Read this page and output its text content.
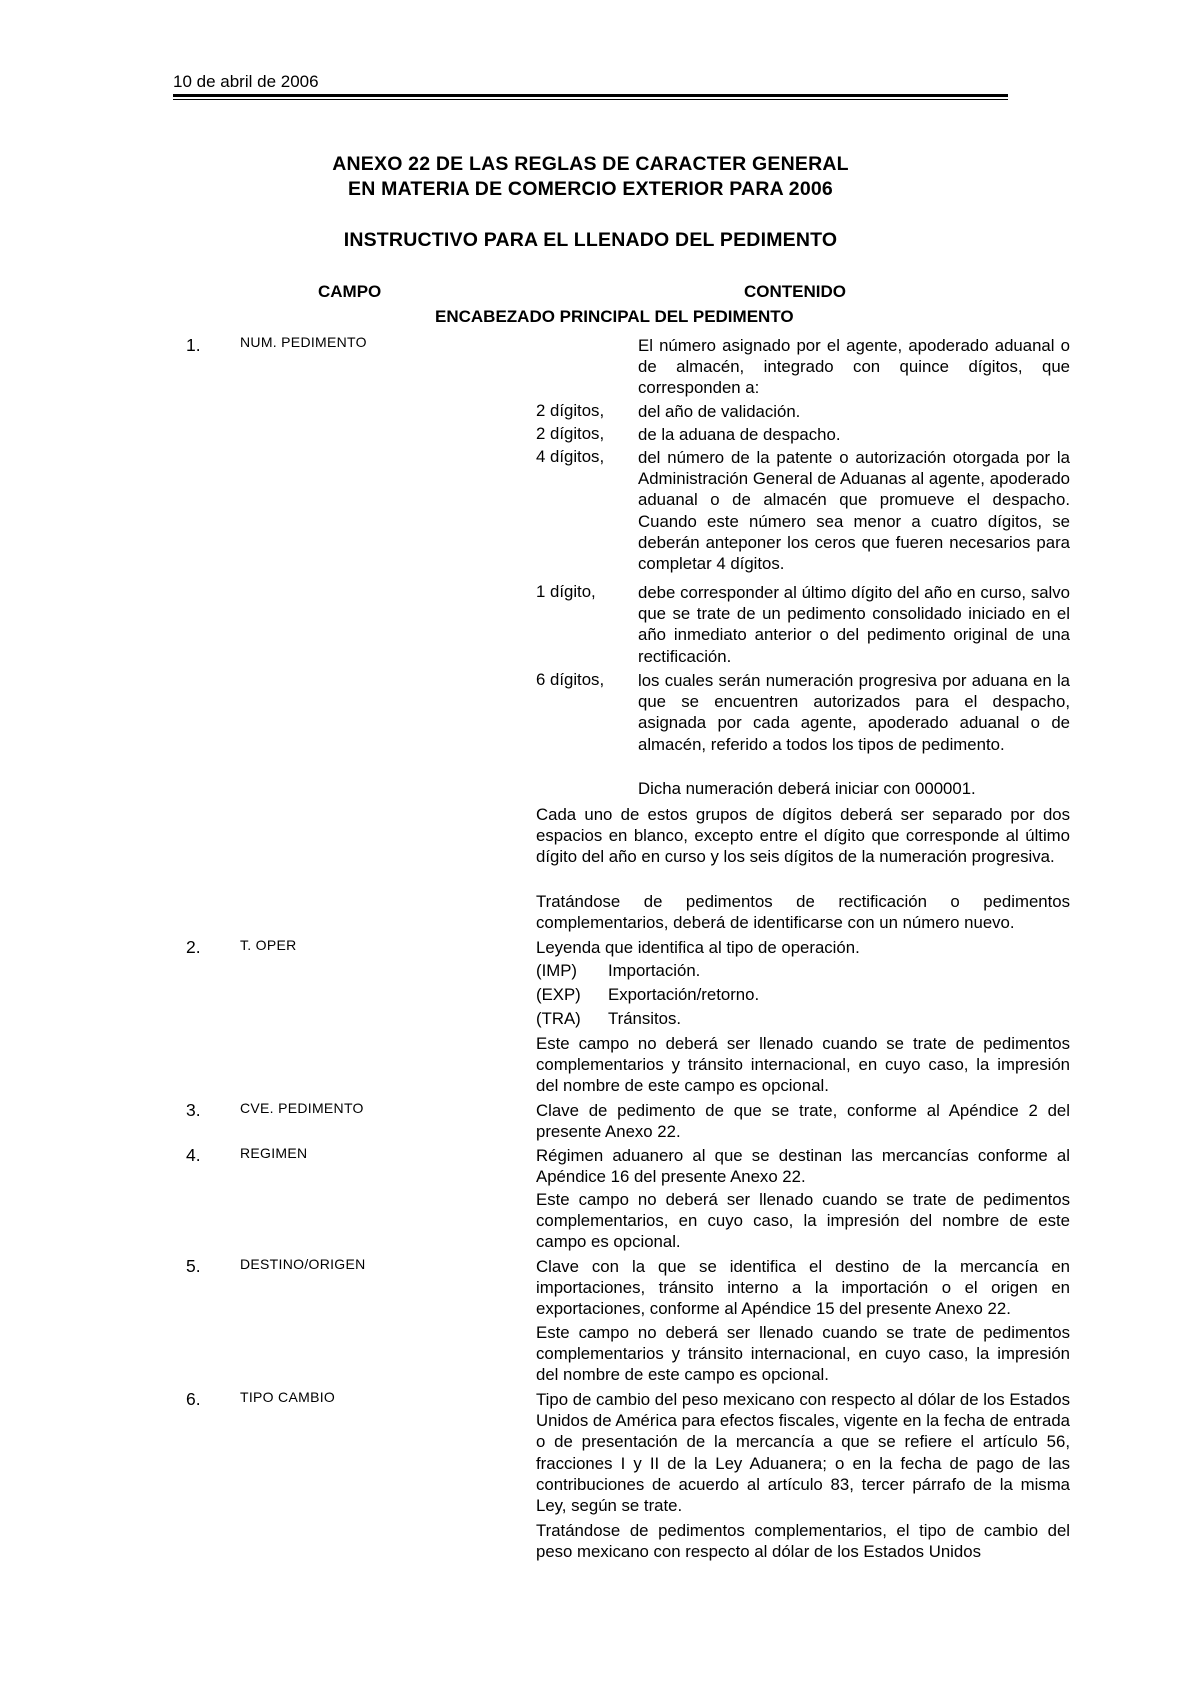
10 de abril de 2006
ANEXO 22 DE LAS REGLAS DE CARACTER GENERAL
EN MATERIA DE COMERCIO EXTERIOR PARA 2006
INSTRUCTIVO PARA EL LLENADO DEL PEDIMENTO
CAMPO	CONTENIDO
ENCABEZADO PRINCIPAL DEL PEDIMENTO
1.	NUM. PEDIMENTO	El número asignado por el agente, apoderado aduanal o de almacén, integrado con quince dígitos, que corresponden a:
2 dígitos, del año de validación.
2 dígitos, de la aduana de despacho.
4 dígitos, del número de la patente o autorización otorgada por la Administración General de Aduanas al agente, apoderado aduanal o de almacén que promueve el despacho. Cuando este número sea menor a cuatro dígitos, se deberán anteponer los ceros que fueren necesarios para completar 4 dígitos.
1 dígito,	debe corresponder al último dígito del año en curso, salvo que se trate de un pedimento consolidado iniciado en el año inmediato anterior o del pedimento original de una rectificación.
6 dígitos, los cuales serán numeración progresiva por aduana en la que se encuentren autorizados para el despacho, asignada por cada agente, apoderado aduanal o de almacén, referido a todos los tipos de pedimento.
Dicha numeración deberá iniciar con 000001.
Cada uno de estos grupos de dígitos deberá ser separado por dos espacios en blanco, excepto entre el dígito que corresponde al último dígito del año en curso y los seis dígitos de la numeración progresiva.
Tratándose de pedimentos de rectificación o pedimentos complementarios, deberá de identificarse con un número nuevo.
2.	T. OPER	Leyenda que identifica al tipo de operación.
(IMP) Importación.
(EXP) Exportación/retorno.
(TRA) Tránsitos.
Este campo no deberá ser llenado cuando se trate de pedimentos complementarios y tránsito internacional, en cuyo caso, la impresión del nombre de este campo es opcional.
3.	CVE. PEDIMENTO	Clave de pedimento de que se trate, conforme al Apéndice 2 del presente Anexo 22.
4.	REGIMEN	Régimen aduanero al que se destinan las mercancías conforme al Apéndice 16 del presente Anexo 22.
Este campo no deberá ser llenado cuando se trate de pedimentos complementarios, en cuyo caso, la impresión del nombre de este campo es opcional.
5.	DESTINO/ORIGEN	Clave con la que se identifica el destino de la mercancía en importaciones, tránsito interno a la importación o el origen en exportaciones, conforme al Apéndice 15 del presente Anexo 22.
Este campo no deberá ser llenado cuando se trate de pedimentos complementarios y tránsito internacional, en cuyo caso, la impresión del nombre de este campo es opcional.
6.	TIPO CAMBIO	Tipo de cambio del peso mexicano con respecto al dólar de los Estados Unidos de América para efectos fiscales, vigente en la fecha de entrada o de presentación de la mercancía a que se refiere el artículo 56, fracciones I y II de la Ley Aduanera; o en la fecha de pago de las contribuciones de acuerdo al artículo 83, tercer párrafo de la misma Ley, según se trate.
Tratándose de pedimentos complementarios, el tipo de cambio del peso mexicano con respecto al dólar de los Estados Unidos
